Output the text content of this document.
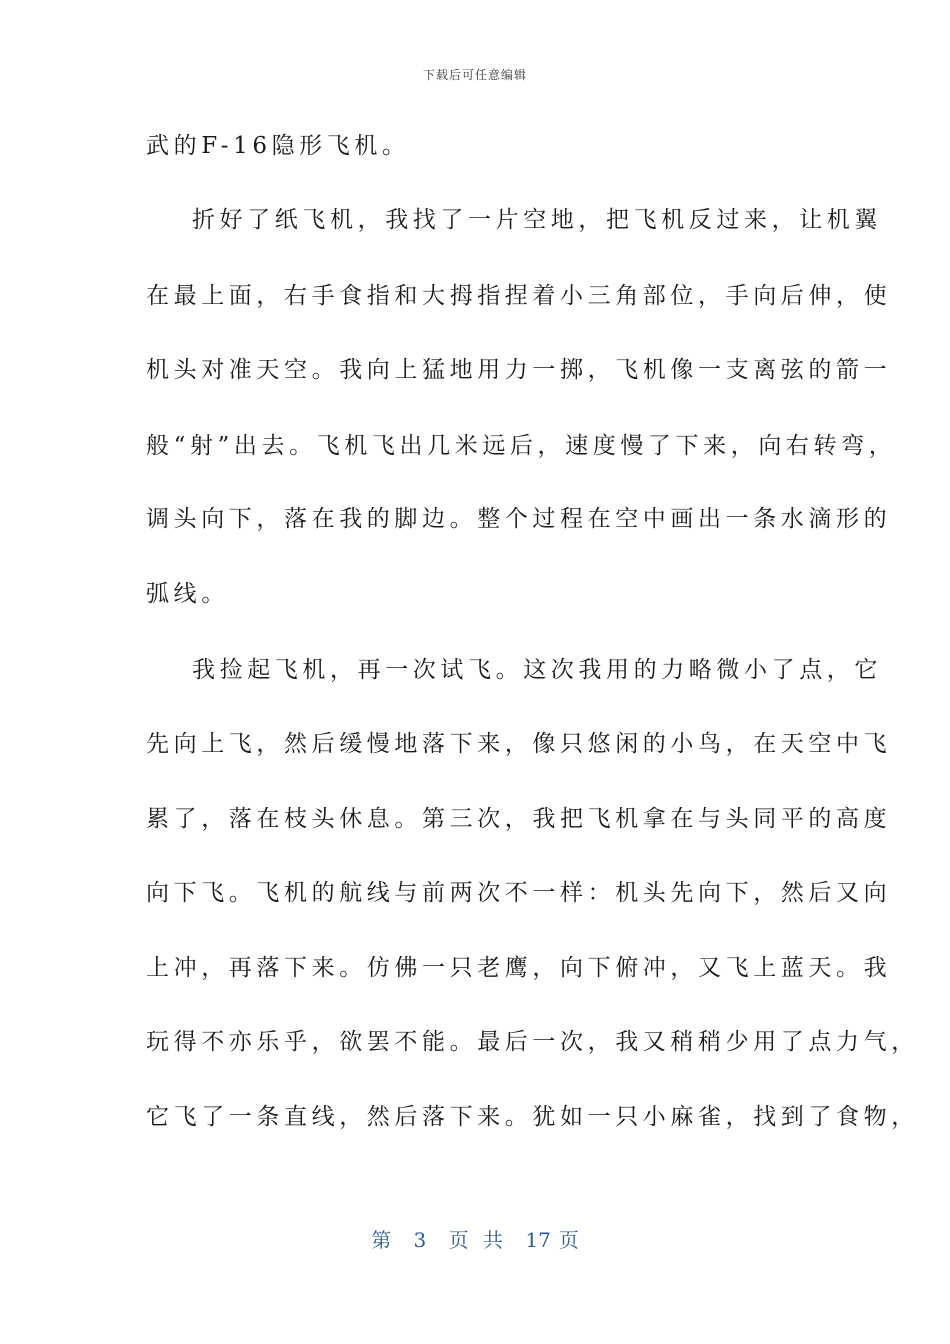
下载后可任意编辑
武的F-16隐形飞机。
折好了纸飞机，我找了一片空地，把飞机反过来，让机翼
在最上面，右手食指和大拇指捏着小三角部位，手向后伸，使
机头对准天空。我向上猛地用力一掷，飞机像一支离弦的箭一
般“射”出去。飞机飞出几米远后，速度慢了下来，向右转弯，
调头向下，落在我的脚边。整个过程在空中画出一条水滴形的
弧线。
我捡起飞机，再一次试飞。这次我用的力略微小了点，它
先向上飞，然后缓慢地落下来，像只悠闲的小鸟，在天空中飞
累了，落在枝头休息。第三次，我把飞机拿在与头同平的高度
向下飞。飞机的航线与前两次不一样：机头先向下，然后又向
上冲，再落下来。仿佛一只老鹰，向下俯冲，又飞上蓝天。我
玩得不亦乐乎，欲罢不能。最后一次，我又稍稍少用了点力气，
它飞了一条直线，然后落下来。犹如一只小麻雀，找到了食物，
第 3 页 共 17 页
